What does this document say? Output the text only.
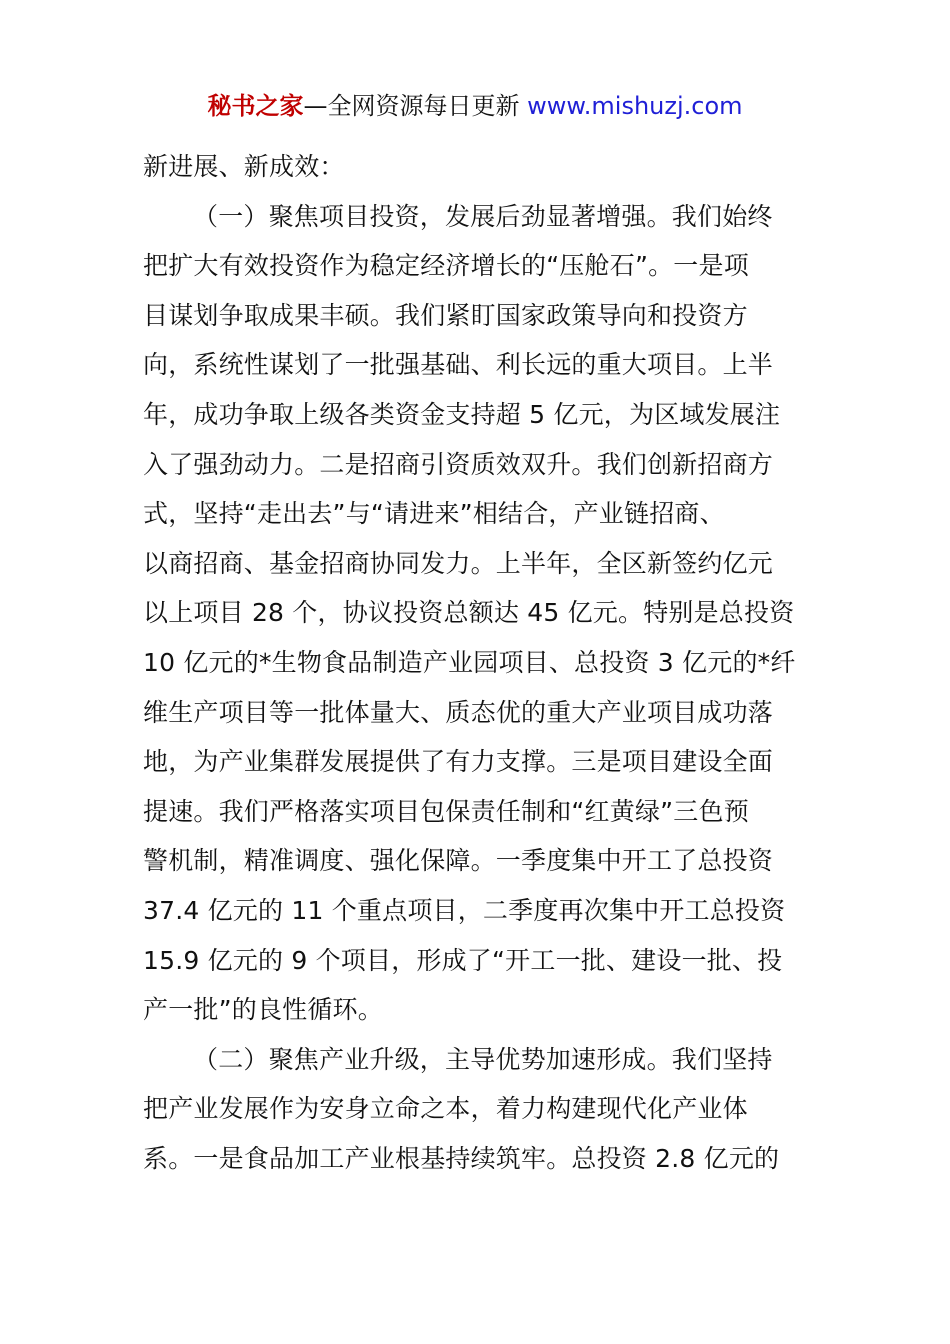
秘书之家—全网资源每日更新 www.mishuzj.com
新进展、新成效：
（一）聚焦项目投资，发展后劲显著增强。我们始终
把扩大有效投资作为稳定经济增长的“压舱石”。一是项
目谋划争取成果丰硕。我们紧盯国家政策导向和投资方
向，系统性谋划了一批强基础、利长远的重大项目。上半
年，成功争取上级各类资金支持超 5 亿元，为区域发展注
入了强劲动力。二是招商引资质效双升。我们创新招商方
式，坚持“走出去”与“请进来”相结合，产业链招商、
以商招商、基金招商协同发力。上半年，全区新签约亿元
以上项目 28 个，协议投资总额达 45 亿元。特别是总投资
10 亿元的*生物食品制造产业园项目、总投资 3 亿元的*纤
维生产项目等一批体量大、质态优的重大产业项目成功落
地，为产业集群发展提供了有力支撑。三是项目建设全面
提速。我们严格落实项目包保责任制和“红黄绿”三色预
警机制，精准调度、强化保障。一季度集中开工了总投资
37.4 亿元的 11 个重点项目，二季度再次集中开工总投资
15.9 亿元的 9 个项目，形成了“开工一批、建设一批、投
产一批”的良性循环。
（二）聚焦产业升级，主导优势加速形成。我们坚持
把产业发展作为安身立命之本，着力构建现代化产业体
系。一是食品加工产业根基持续筑牢。总投资 2.8 亿元的
